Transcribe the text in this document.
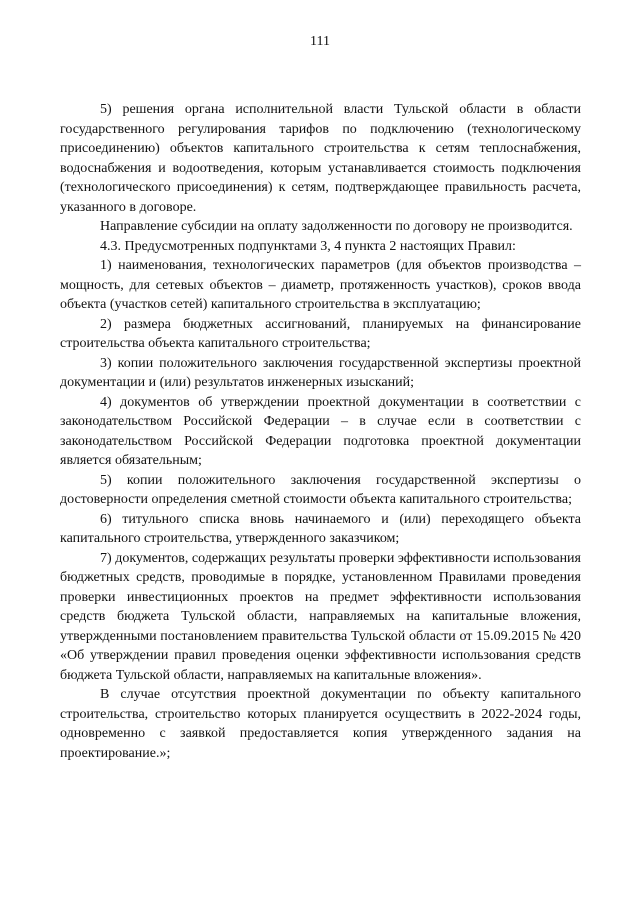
111

5) решения органа исполнительной власти Тульской области в области государственного регулирования тарифов по подключению (технологическому присоединению) объектов капитального строительства к сетям теплоснабжения, водоснабжения и водоотведения, которым устанавливается стоимость подключения (технологического присоединения) к сетям, подтверждающее правильность расчета, указанного в договоре.

Направление субсидии на оплату задолженности по договору не производится.

4.3. Предусмотренных подпунктами 3, 4 пункта 2 настоящих Правил:

1) наименования, технологических параметров (для объектов производства – мощность, для сетевых объектов – диаметр, протяженность участков), сроков ввода объекта (участков сетей) капитального строительства в эксплуатацию;

2) размера бюджетных ассигнований, планируемых на финансирование строительства объекта капитального строительства;

3) копии положительного заключения государственной экспертизы проектной документации и (или) результатов инженерных изысканий;

4) документов об утверждении проектной документации в соответствии с законодательством Российской Федерации – в случае если в соответствии с законодательством Российской Федерации подготовка проектной документации является обязательным;

5) копии положительного заключения государственной экспертизы о достоверности определения сметной стоимости объекта капитального строительства;

6) титульного списка вновь начинаемого и (или) переходящего объекта капитального строительства, утвержденного заказчиком;

7) документов, содержащих результаты проверки эффективности использования бюджетных средств, проводимые в порядке, установленном Правилами проведения проверки инвестиционных проектов на предмет эффективности использования средств бюджета Тульской области, направляемых на капитальные вложения, утвержденными постановлением правительства Тульской области от 15.09.2015 № 420 «Об утверждении правил проведения оценки эффективности использования средств бюджета Тульской области, направляемых на капитальные вложения».

В случае отсутствия проектной документации по объекту капитального строительства, строительство которых планируется осуществить в 2022-2024 годы, одновременно с заявкой предоставляется копия утвержденного задания на проектирование.»;
